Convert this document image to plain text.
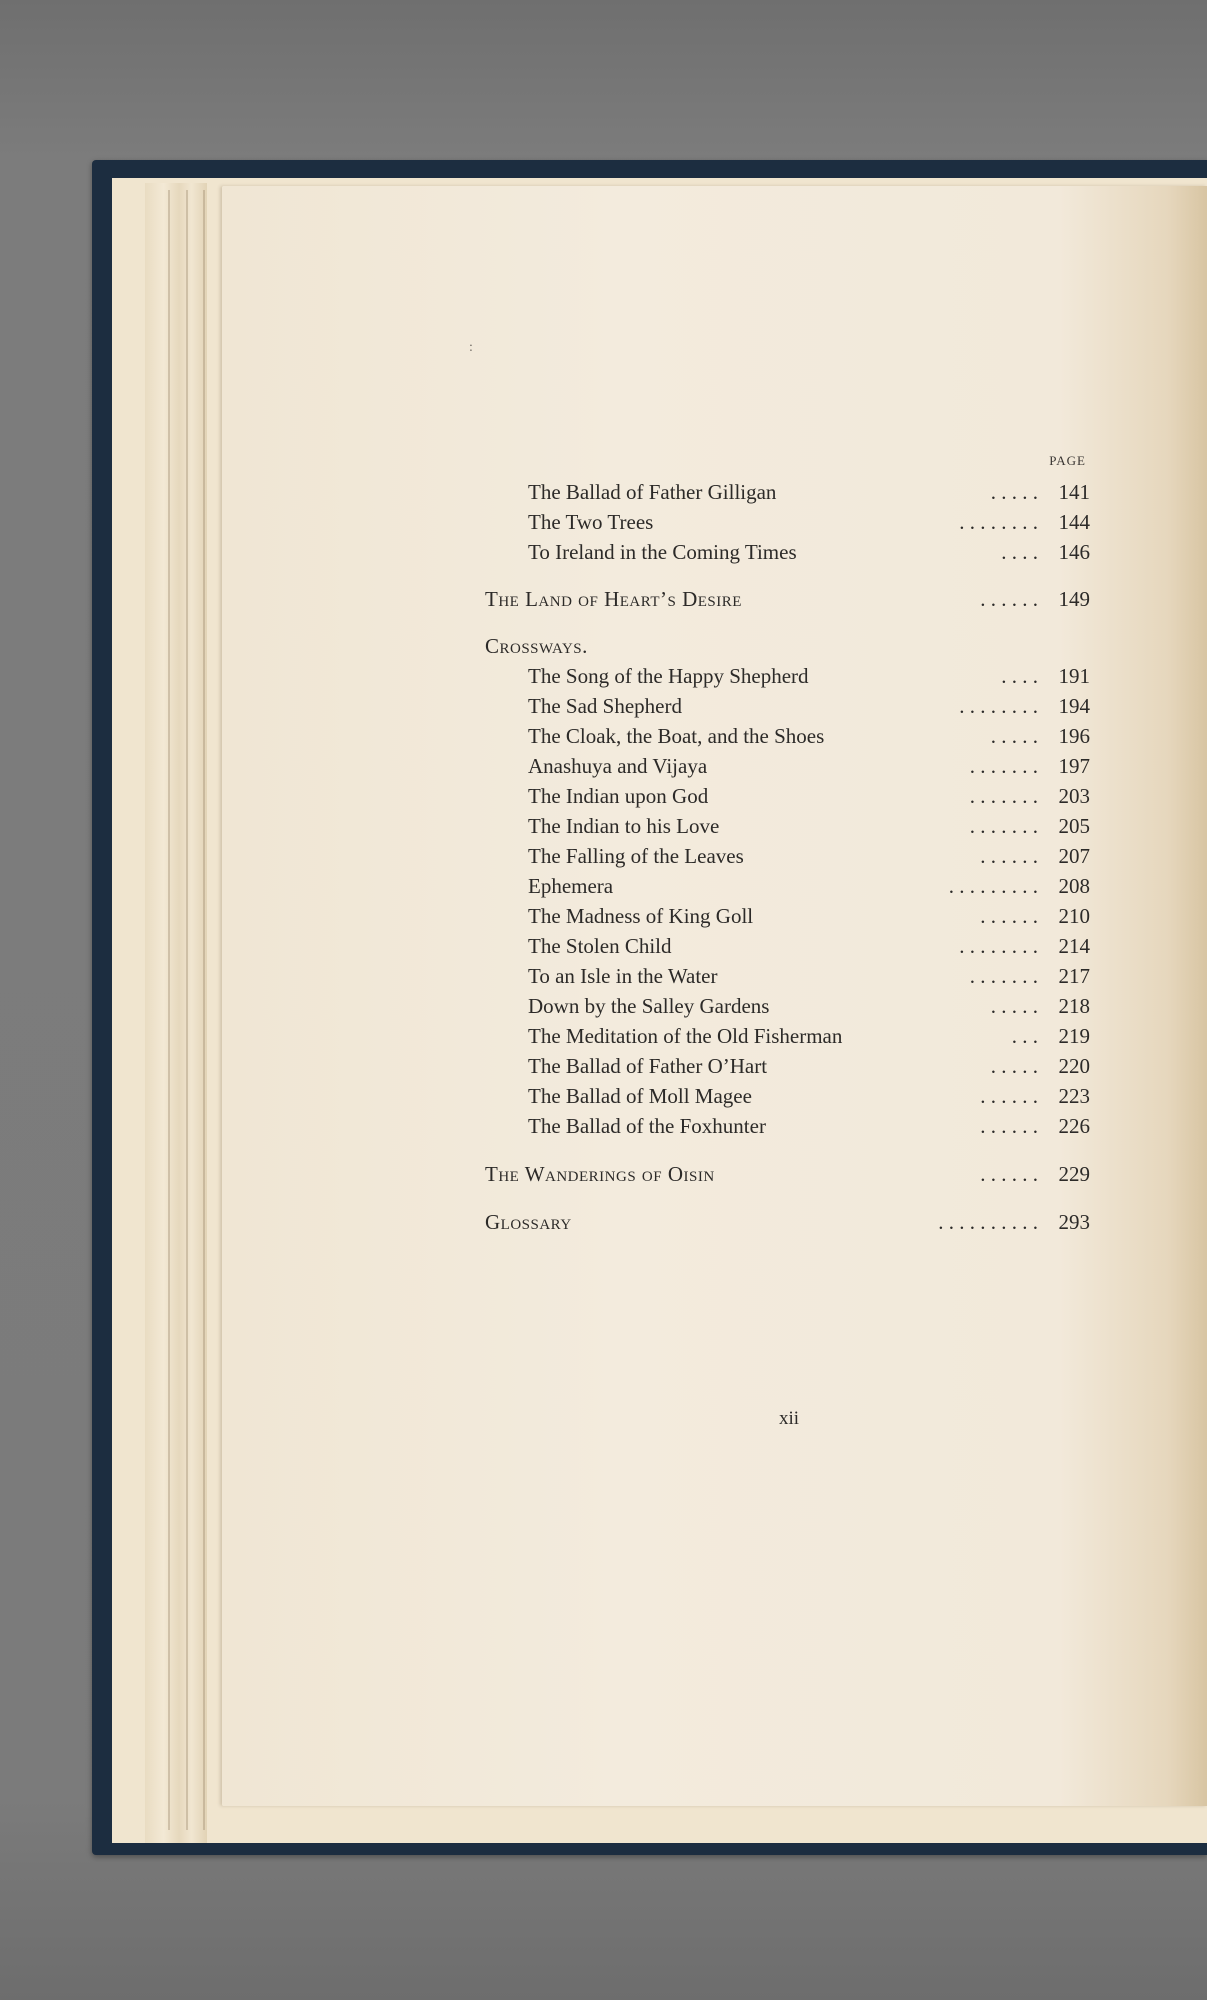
:
PAGE
The Ballad of Father Gilligan	. . . . . 141
The Two Trees	. . . . . . . . 144
To Ireland in the Coming Times	. . . . 146
The Land of Heart’s Desire	. . . . . . 149
Crossways.
The Song of the Happy Shepherd	. . . . 191
The Sad Shepherd	. . . . . . . . 194
The Cloak, the Boat, and the Shoes	. . . . . 196
Anashuya and Vijaya	. . . . . . . 197
The Indian upon God	. . . . . . . 203
The Indian to his Love	. . . . . . . 205
The Falling of the Leaves	. . . . . . 207
Ephemera	. . . . . . . . . 208
The Madness of King Goll	. . . . . . 210
The Stolen Child	. . . . . . . . 214
To an Isle in the Water	. . . . . . . 217
Down by the Salley Gardens	. . . . . 218
The Meditation of the Old Fisherman	. . . 219
The Ballad of Father O’Hart	. . . . . 220
The Ballad of Moll Magee	. . . . . . 223
The Ballad of the Foxhunter	. . . . . . 226
The Wanderings of Oisin	. . . . . . 229
Glossary	. . . . . . . . . . 293
xii
